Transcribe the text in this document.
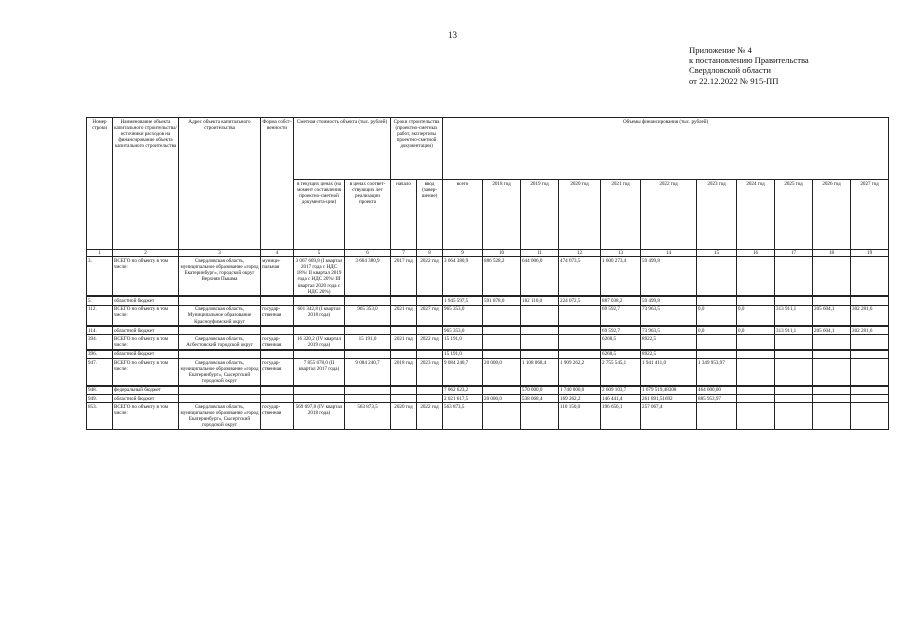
13
Приложение № 4
к постановлению Правительства
Свердловской области
от 22.12.2022 № 915-ПП
Номер строки	Наименование объекта капитального строительства/ источники расходов на финансирование объекта капитального строительства	Адрес объекта капитального строительства	Форма собст-венности	Сметная стоимость объекта (тыс. рублей)		Сроки строительства (проектно-сметных работ, экспертизы проектно-сметной документации)		Объемы финансирования (тыс. рублей)										
				в текущих ценах (на момент составления проектно-сметной документа-ции)	в ценах соответ-ствующих лет реализации проекта	начало	ввод (завер-шение)	всего	2018 год	2019 год	2020 год	2021 год	2022 год	2023 год	2024 год	2025 год	2026 год	2027 год
1	2	3	4	5	6	7	8	9	10	11	12	13	14	15	16	17	18	19
3.	ВСЕГО по объекту в том числе:	Свердловская область, муниципальное образование «город Екатеринбург», городской округ Верхняя Пышма	муници-пальная	3 067 669,8 (I квартал 2017 года с НДС 18%/ II квартал 2019 года с НДС 20%/ III квартал 2020 года с НДС 20%)	3 664 380,9	2017 год	2022 год	3 664 380,9	886 528,2	644 006,0	474 073,5	1 600 273,4	59 499,8					
5.	областной бюджет							1 945 597,5	591 878,0	182 110,0	224 072,5	887 038,2	59 499,8					
112.	ВСЕГО по объекту в том числе:	Свердловская область, Муниципальное образование Красноуфимский округ	государ-ственная	601 342,8 (I квартал 2018 года)	965 353,0	2021 год	2027 год	965 353,0				69 592,7	73 963,5	0,0	0,0	313 911,1	205 604,1	302 281,6
114.	областной бюджет							965 353,0				69 592,7	73 963,5	0,0	0,0	313 911,1	205 604,1	302 281,6
394.	ВСЕГО по объекту в том числе:	Свердловская область, Асбестовский городской округ	государ-ственная	16 320,2 (IV квартал 2019 года)	15 191,0	2021 год	2022 год	15 191,0				6268,5	8922,5					
396.	областной бюджет							15 191,0				6268,5	8922,5					
947.	ВСЕГО по объекту в том числе:	Свердловская область, муниципальное образование «город Екатеринбург», Сысертский городской округ	государ-ственная	7 855 678,0 (II квартал 2017 года)	9 084 240,7	2018 год	2023 год	9 084 240,7	20 000,0	1 108 068,4	1 909 262,2	2 755 545,1	1 941 411,0	1 349 953,97				
948.	федеральный бюджет							7 062 623,2		570 000,0	1 740 000,0	2 609 103,7	1 679 519,48308	464 000,00				
949.	областной бюджет							2 021 617,5	20 000,0	538 068,4	169 262,2	146 441,4	261 891,51692	885 953,97				
853.	ВСЕГО по объекту в том числе:	Свердловская область, муниципальное образование «город Екатеринбург», Сысертский городской округ	государ-ственная	569 697,8 (IV квартал 2018 года)	563 873,5	2020 год	2022 год	563 873,5			110 150,0	196 656,1	257 067,4					
